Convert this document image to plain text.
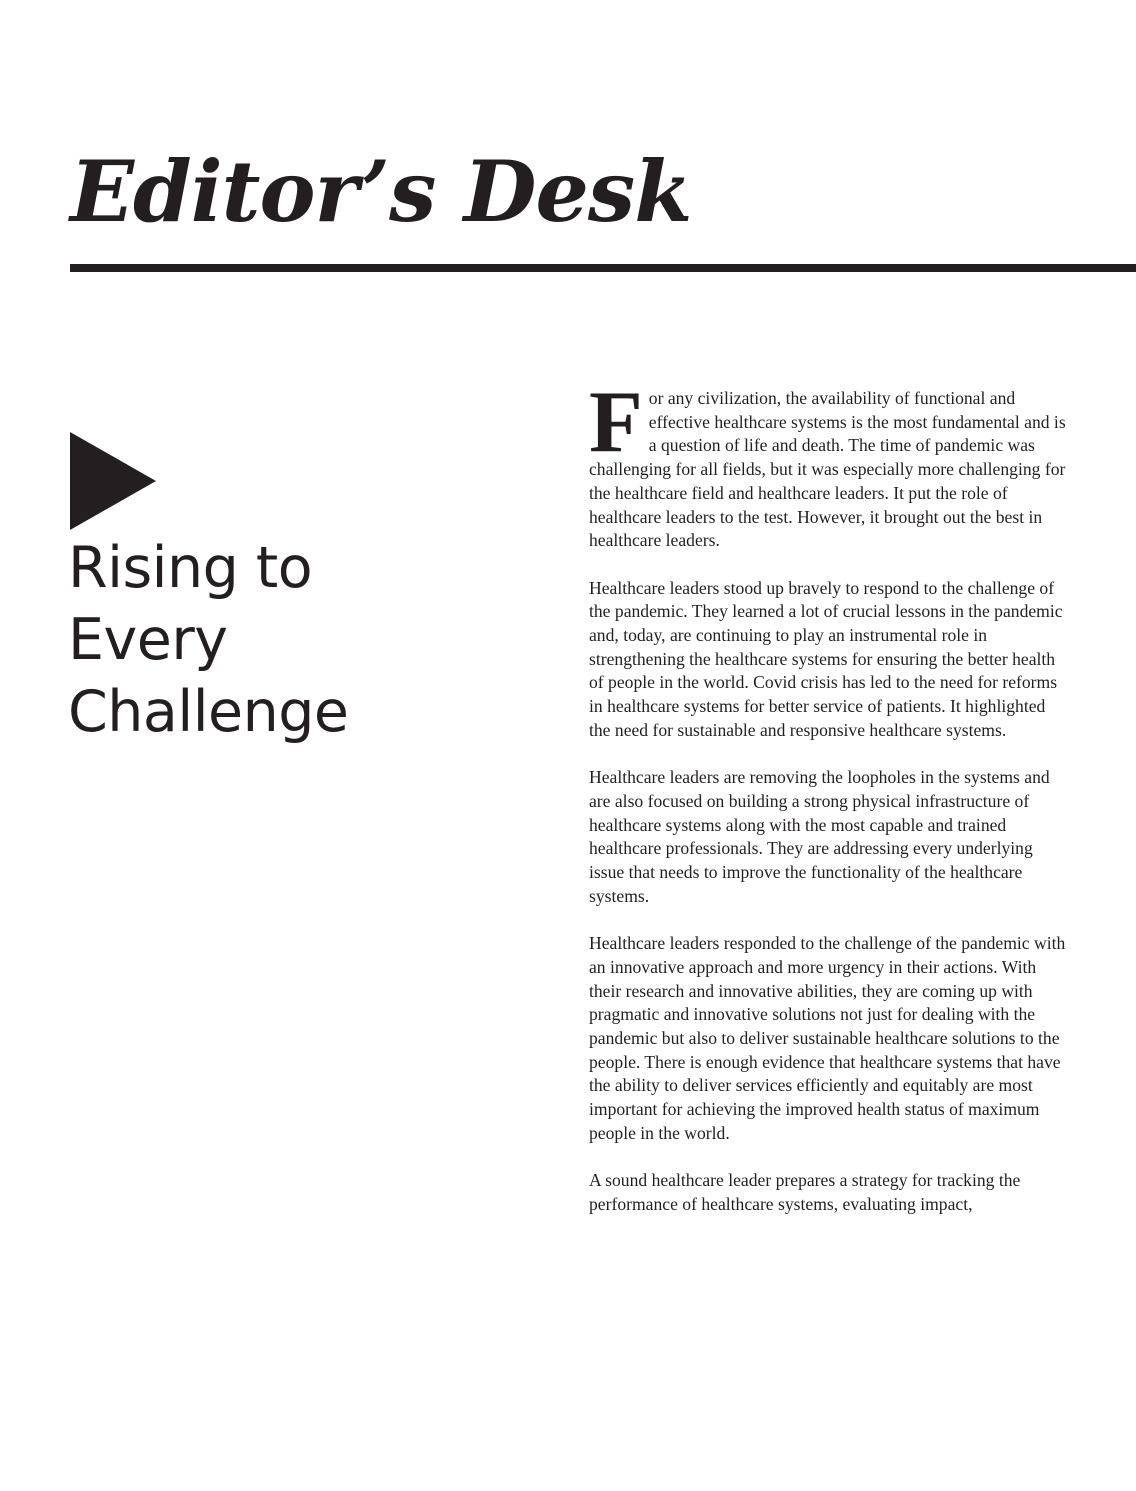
Editor’s Desk
Rising to
Every
Challenge

For any civilization, the availability of functional and effective healthcare systems is the most fundamental and is a question of life and death. The time of pandemic was challenging for all fields, but it was especially more challenging for the healthcare field and healthcare leaders. It put the role of healthcare leaders to the test. However, it brought out the best in healthcare leaders.

Healthcare leaders stood up bravely to respond to the challenge of the pandemic. They learned a lot of crucial lessons in the pandemic and, today, are continuing to play an instrumental role in strengthening the healthcare systems for ensuring the better health of people in the world. Covid crisis has led to the need for reforms in healthcare systems for better service of patients. It highlighted the need for sustainable and responsive healthcare systems.

Healthcare leaders are removing the loopholes in the systems and are also focused on building a strong physical infrastructure of healthcare systems along with the most capable and trained healthcare professionals. They are addressing every underlying issue that needs to improve the functionality of the healthcare systems.

Healthcare leaders responded to the challenge of the pandemic with an innovative approach and more urgency in their actions. With their research and innovative abilities, they are coming up with pragmatic and innovative solutions not just for dealing with the pandemic but also to deliver sustainable healthcare solutions to the people. There is enough evidence that healthcare systems that have the ability to deliver services efficiently and equitably are most important for achieving the improved health status of maximum people in the world.

A sound healthcare leader prepares a strategy for tracking the performance of healthcare systems, evaluating impact,
